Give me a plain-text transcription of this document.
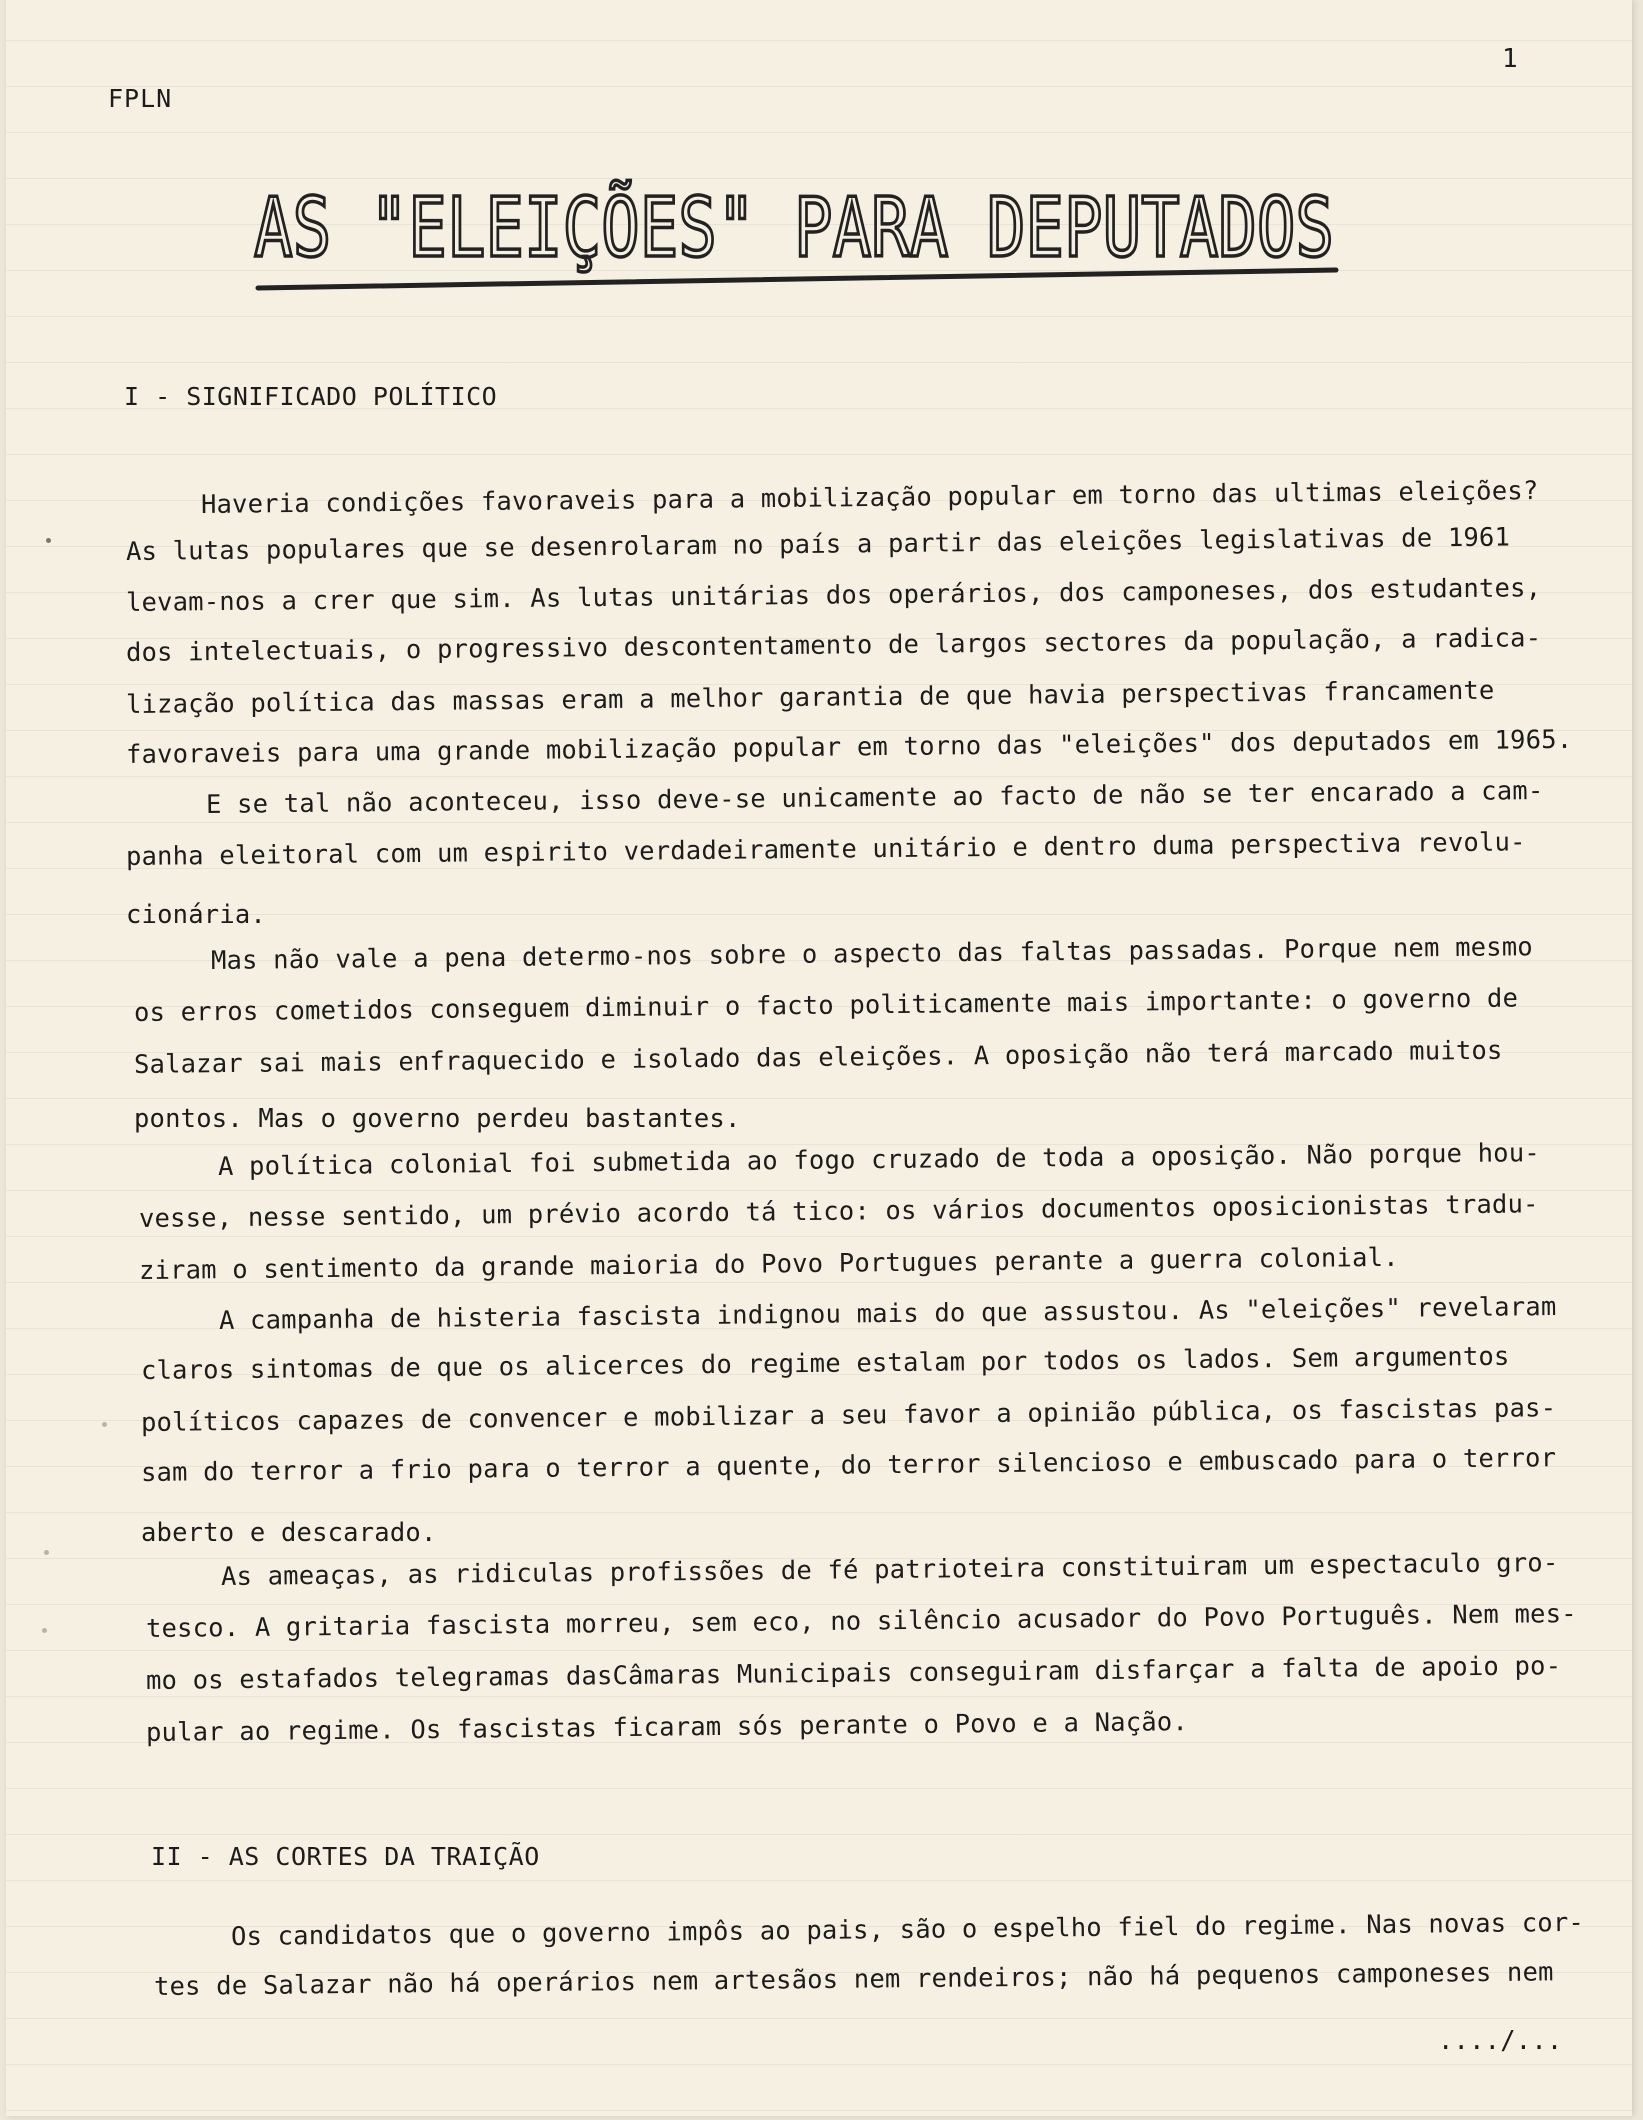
1
FPLN
AS "ELEIÇÕES" PARA DEPUTADOS
I - SIGNIFICADO POLÍTICO
Haveria condições favoraveis para a mobilização popular em torno das ultimas eleições?
As lutas populares que se desenrolaram no país a partir das eleições legislativas de 1961
levam-nos a crer que sim. As lutas unitárias dos operários, dos camponeses, dos estudantes,
dos intelectuais, o progressivo descontentamento de largos sectores da população, a radica-
lização política das massas eram a melhor garantia de que havia perspectivas francamente
favoraveis para uma grande mobilização popular em torno das "eleições" dos deputados em 1965.
E se tal não aconteceu, isso deve-se unicamente ao facto de não se ter encarado a cam-
panha eleitoral com um espirito verdadeiramente unitário e dentro duma perspectiva revolu-
cionária.
Mas não vale a pena determo-nos sobre o aspecto das faltas passadas. Porque nem mesmo
os erros cometidos conseguem diminuir o facto politicamente mais importante: o governo de
Salazar sai mais enfraquecido e isolado das eleições. A oposição não terá marcado muitos
pontos. Mas o governo perdeu bastantes.
A política colonial foi submetida ao fogo cruzado de toda a oposição. Não porque hou-
vesse, nesse sentido, um prévio acordo tá tico: os vários documentos oposicionistas tradu-
ziram o sentimento da grande maioria do Povo Portugues perante a guerra colonial.
A campanha de histeria fascista indignou mais do que assustou. As "eleições" revelaram
claros sintomas de que os alicerces do regime estalam por todos os lados. Sem argumentos
políticos capazes de convencer e mobilizar a seu favor a opinião pública, os fascistas pas-
sam do terror a frio para o terror a quente, do terror silencioso e embuscado para o terror
aberto e descarado.
As ameaças, as ridiculas profissões de fé patrioteira constituiram um espectaculo gro-
tesco. A gritaria fascista morreu, sem eco, no silêncio acusador do Povo Português. Nem mes-
mo os estafados telegramas dasCâmaras Municipais conseguiram disfarçar a falta de apoio po-
pular ao regime. Os fascistas ficaram sós perante o Povo e a Nação.
II - AS CORTES DA TRAIÇÃO
Os candidatos que o governo impôs ao pais, são o espelho fiel do regime. Nas novas cor-
tes de Salazar não há operários nem artesãos nem rendeiros; não há pequenos camponeses nem
..../...
